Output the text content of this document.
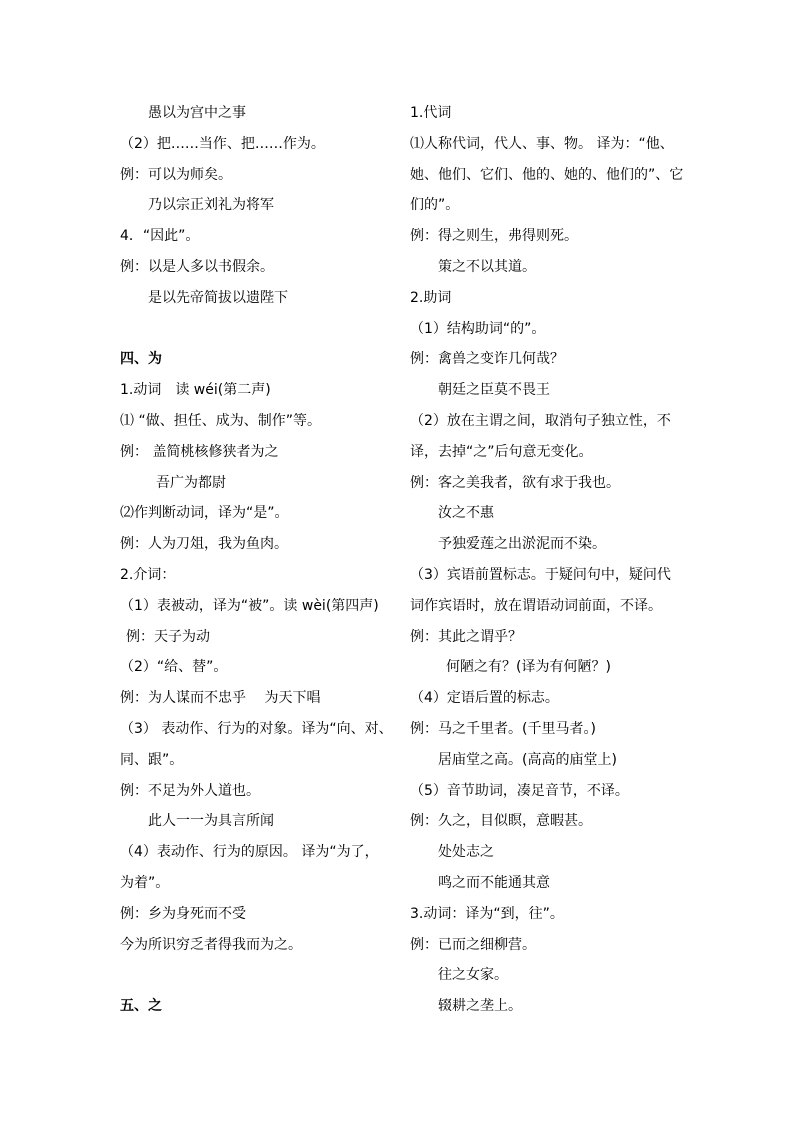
愚以为宫中之事
（2）把……当作、把……作为。
例：可以为师矣。
乃以宗正刘礼为将军
4．“因此”。
例：以是人多以书假余。
是以先帝简拔以遗陛下
四、为
1.动词　读 wéi(第二声)
⑴ “做、担任、成为、制作”等。
例： 盖简桃核修狭者为之
吾广为都尉
⑵作判断动词，译为“是”。
例：人为刀俎，我为鱼肉。
2.介词：
（1）表被动，译为“被”。读 wèi(第四声)
例：天子为动
（2）“给、替”。
例：为人谋而不忠乎　 为天下唱
（3） 表动作、行为的对象。译为“向、对、
同、跟”。
例：不足为外人道也。
此人一一为具言所闻
（4）表动作、行为的原因。 译为“为了，
为着”。
例：乡为身死而不受
今为所识穷乏者得我而为之。
五、之
1.代词
⑴人称代词，代人、事、物。 译为：“他、
她、他们、它们、他的、她的、他们的”、它
们的”。
例：得之则生，弗得则死。
策之不以其道。
2.助词
（1）结构助词“的”。
例：禽兽之变诈几何哉？
朝廷之臣莫不畏王
（2）放在主谓之间，取消句子独立性，不
译，去掉“之”后句意无变化。
例：客之美我者，欲有求于我也。
汝之不惠
予独爱莲之出淤泥而不染。
（3）宾语前置标志。于疑问句中，疑问代
词作宾语时，放在谓语动词前面，不译。
例：其此之谓乎？
何陋之有？(译为有何陋？)
（4）定语后置的标志。
例：马之千里者。(千里马者。)
居庙堂之高。(高高的庙堂上)
（5）音节助词，凑足音节，不译。
例：久之，目似瞑，意暇甚。
处处志之
鸣之而不能通其意
3.动词：译为“到，往”。
例：已而之细柳营。
往之女家。
辍耕之垄上。
